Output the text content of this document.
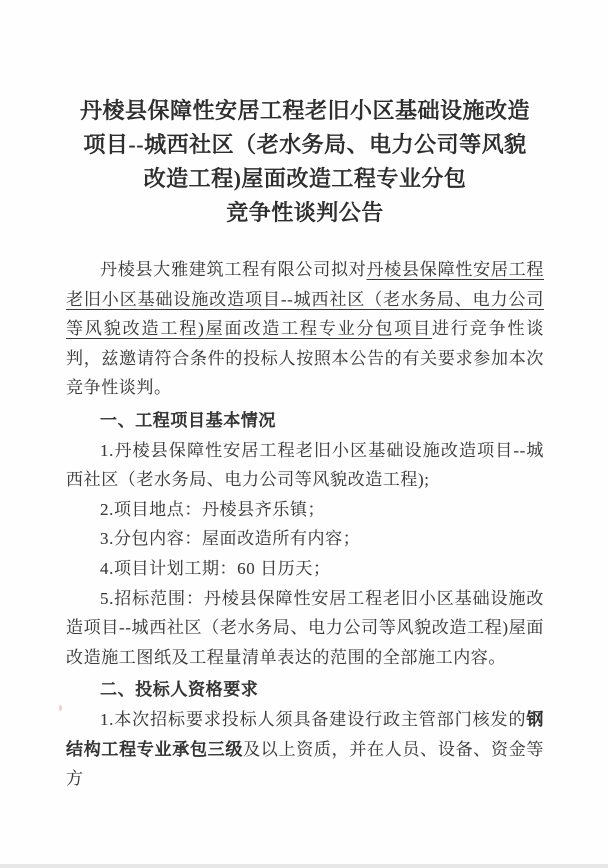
丹棱县保障性安居工程老旧小区基础设施改造
项目--城西社区（老水务局、电力公司等风貌
改造工程)屋面改造工程专业分包
竞争性谈判公告

丹棱县大雅建筑工程有限公司拟对丹棱县保障性安居工程老旧小区基础设施改造项目--城西社区（老水务局、电力公司等风貌改造工程)屋面改造工程专业分包项目进行竞争性谈判，兹邀请符合条件的投标人按照本公告的有关要求参加本次竞争性谈判。

一、工程项目基本情况

1.丹棱县保障性安居工程老旧小区基础设施改造项目--城西社区（老水务局、电力公司等风貌改造工程);

2.项目地点：丹棱县齐乐镇；

3.分包内容：屋面改造所有内容；

4.项目计划工期：60 日历天；

5.招标范围：丹棱县保障性安居工程老旧小区基础设施改造项目--城西社区（老水务局、电力公司等风貌改造工程)屋面改造施工图纸及工程量清单表达的范围的全部施工内容。

二、投标人资格要求

1.本次招标要求投标人须具备建设行政主管部门核发的钢结构工程专业承包三级及以上资质，并在人员、设备、资金等方
